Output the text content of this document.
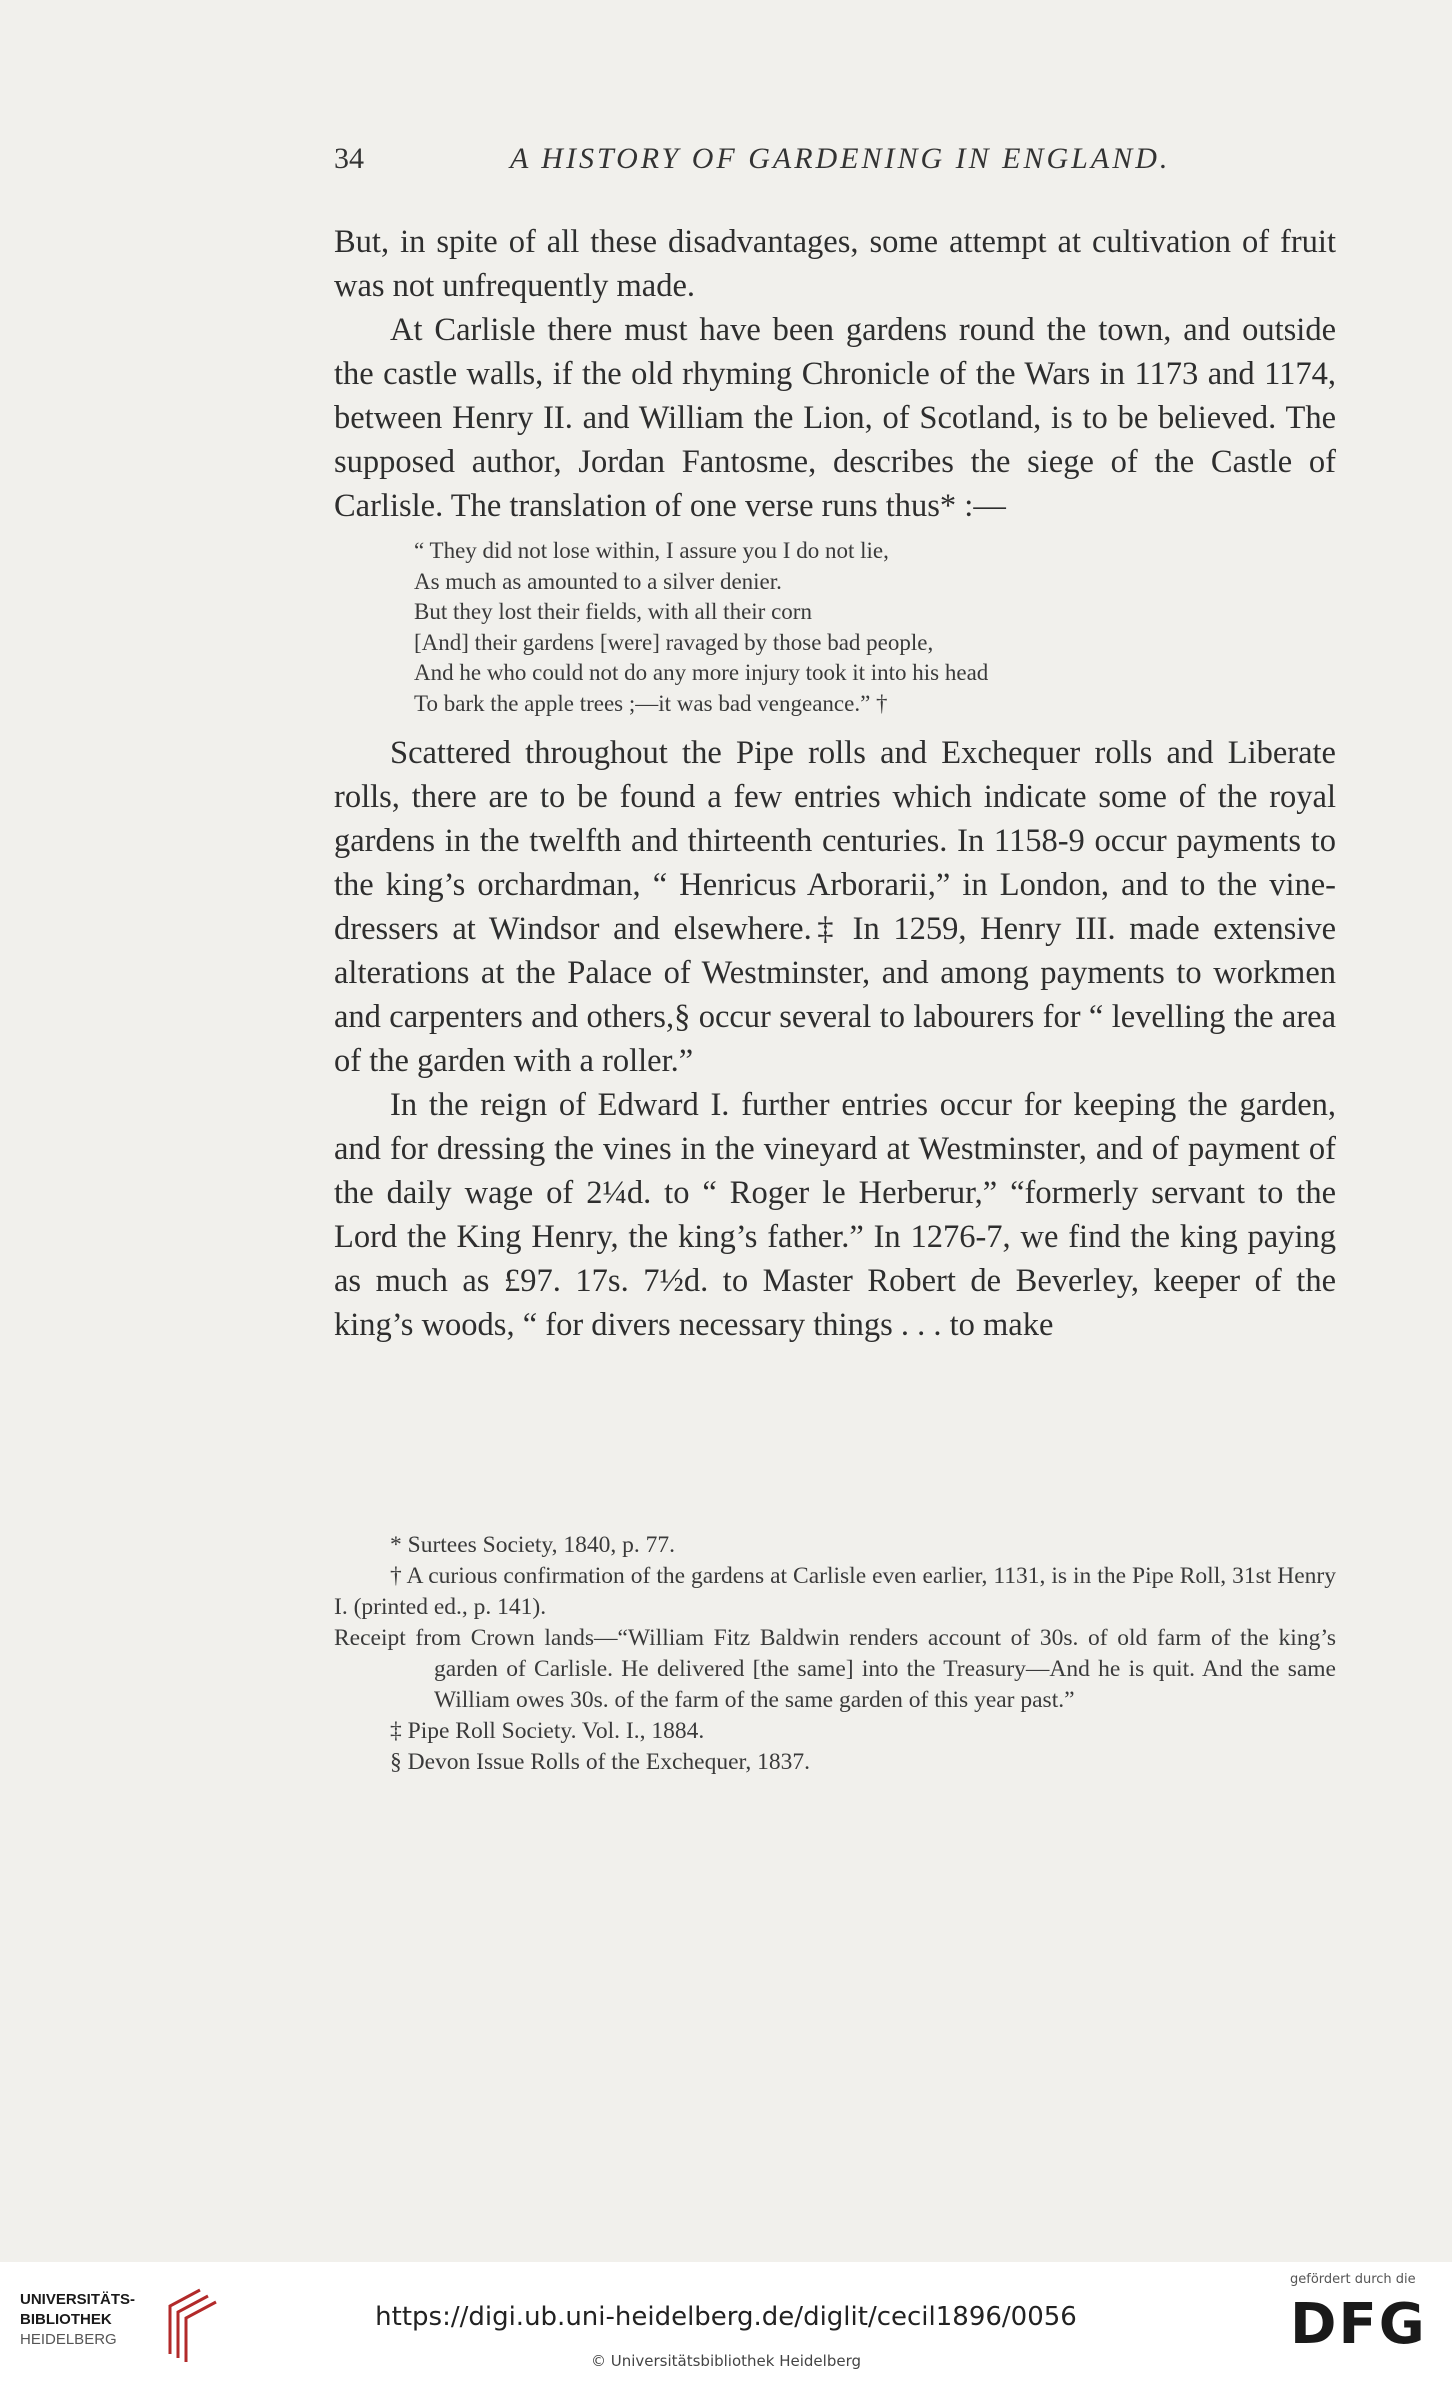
34	A HISTORY OF GARDENING IN ENGLAND.

But, in spite of all these disadvantages, some attempt at cultivation of fruit was not unfrequently made.

At Carlisle there must have been gardens round the town, and outside the castle walls, if the old rhyming Chronicle of the Wars in 1173 and 1174, between Henry II. and William the Lion, of Scotland, is to be believed. The supposed author, Jordan Fantosme, describes the siege of the Castle of Carlisle. The translation of one verse runs thus* :—

“ They did not lose within, I assure you I do not lie,
As much as amounted to a silver denier.
But they lost their fields, with all their corn
[And] their gardens [were] ravaged by those bad people,
And he who could not do any more injury took it into his head
To bark the apple trees ;—it was bad vengeance.” †

Scattered throughout the Pipe rolls and Exchequer rolls and Liberate rolls, there are to be found a few entries which indicate some of the royal gardens in the twelfth and thirteenth centuries. In 1158-9 occur payments to the king’s orchardman, “ Henricus Arborarii,” in London, and to the vine-dressers at Windsor and elsewhere.‡ In 1259, Henry III. made extensive alterations at the Palace of Westminster, and among payments to workmen and carpenters and others,§ occur several to labourers for “ levelling the area of the garden with a roller.”

In the reign of Edward I. further entries occur for keeping the garden, and for dressing the vines in the vineyard at Westminster, and of payment of the daily wage of 2¼d. to “ Roger le Herberur,” “formerly servant to the Lord the King Henry, the king’s father.” In 1276-7, we find the king paying as much as £97. 17s. 7½d. to Master Robert de Beverley, keeper of the king’s woods, “ for divers necessary things . . . to make

* Surtees Society, 1840, p. 77.
† A curious confirmation of the gardens at Carlisle even earlier, 1131, is in the Pipe Roll, 31st Henry I. (printed ed., p. 141).
Receipt from Crown lands—“William Fitz Baldwin renders account of 30s. of old farm of the king’s garden of Carlisle. He delivered [the same] into the Treasury—And he is quit. And the same William owes 30s. of the farm of the same garden of this year past.”
‡ Pipe Roll Society. Vol. I., 1884.
§ Devon Issue Rolls of the Exchequer, 1837.
UNIVERSITÄTS-
BIBLIOTHEK
HEIDELBERG
https://digi.ub.uni-heidelberg.de/diglit/cecil1896/0056
© Universitätsbibliothek Heidelberg
gefördert durch die
DFG
